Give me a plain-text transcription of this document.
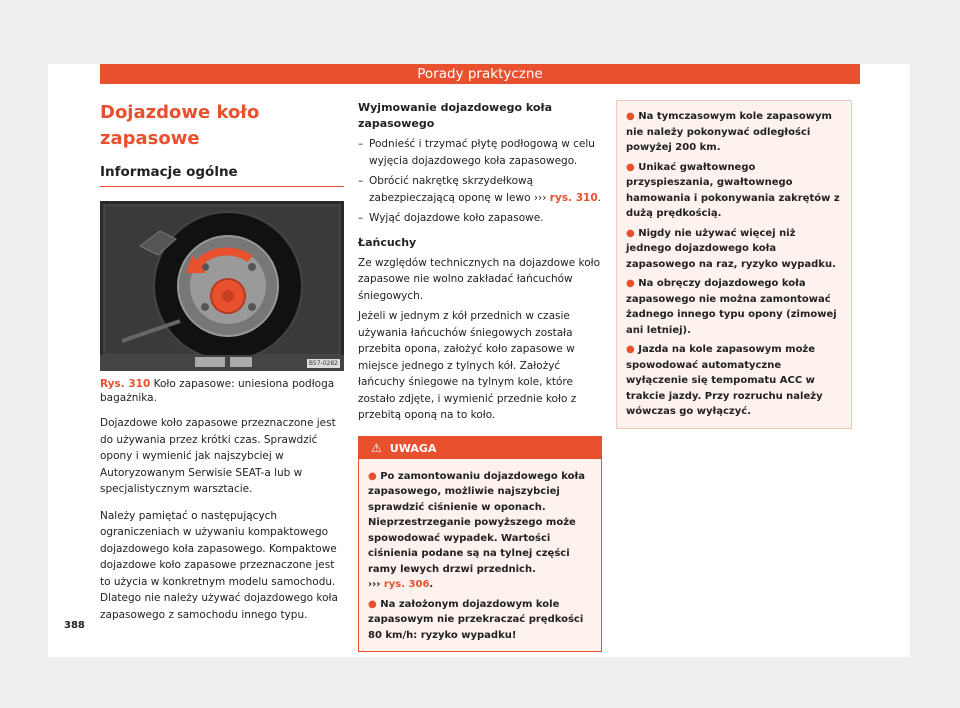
Porady praktyczne
Dojazdowe koło zapasowe
Informacje ogólne
B57-0282
Rys. 310 Koło zapasowe: uniesiona podłoga bagażnika.

Dojazdowe koło zapasowe przeznaczone jest do używania przez krótki czas. Sprawdzić opony i wymienić jak najszybciej w Autoryzowanym Serwisie SEAT-a lub w specjalistycznym warsztacie.

Należy pamiętać o następujących ograniczeniach w używaniu kompaktowego dojazdowego koła zapasowego. Kompaktowe dojazdowe koło zapasowe przeznaczone jest to użycia w konkretnym modelu samochodu. Dlatego nie należy używać dojazdowego koła zapasowego z samochodu innego typu.

Wyjmowanie dojazdowego koła zapasowego
– Podnieść i trzymać płytę podłogową w celu wyjęcia dojazdowego koła zapasowego.
– Obrócić nakrętkę skrzydełkową zabezpieczającą oponę w lewo ››› rys. 310.
– Wyjąć dojazdowe koło zapasowe.
Łańcuchy

Ze względów technicznych na dojazdowe koło zapasowe nie wolno zakładać łańcuchów śniegowych.

Jeżeli w jednym z kół przednich w czasie używania łańcuchów śniegowych została przebita opona, założyć koło zapasowe w miejsce jednego z tylnych kół. Założyć łańcuchy śniegowe na tylnym kole, które zostało zdjęte, i wymienić przednie koło z przebitą oponą na to koło.

⚠ UWAGA
● Po zamontowaniu dojazdowego koła zapasowego, możliwie najszybciej sprawdzić ciśnienie w oponach. Nieprzestrzeganie powyższego może spowodować wypadek. Wartości ciśnienia podane są na tylnej części ramy lewych drzwi przednich.
››› rys. 306.
● Na założonym dojazdowym kole zapasowym nie przekraczać prędkości 80 km/h: ryzyko wypadku!
● Na tymczasowym kole zapasowym nie należy pokonywać odległości powyżej 200 km.
● Unikać gwałtownego przyspieszania, gwałtownego hamowania i pokonywania zakrętów z dużą prędkością.
● Nigdy nie używać więcej niż jednego dojazdowego koła zapasowego na raz, ryzyko wypadku.
● Na obręczy dojazdowego koła zapasowego nie można zamontować żadnego innego typu opony (zimowej ani letniej).
● Jazda na kole zapasowym może spowodować automatyczne wyłączenie się tempomatu ACC w trakcie jazdy. Przy rozruchu należy wówczas go wyłączyć.
388
